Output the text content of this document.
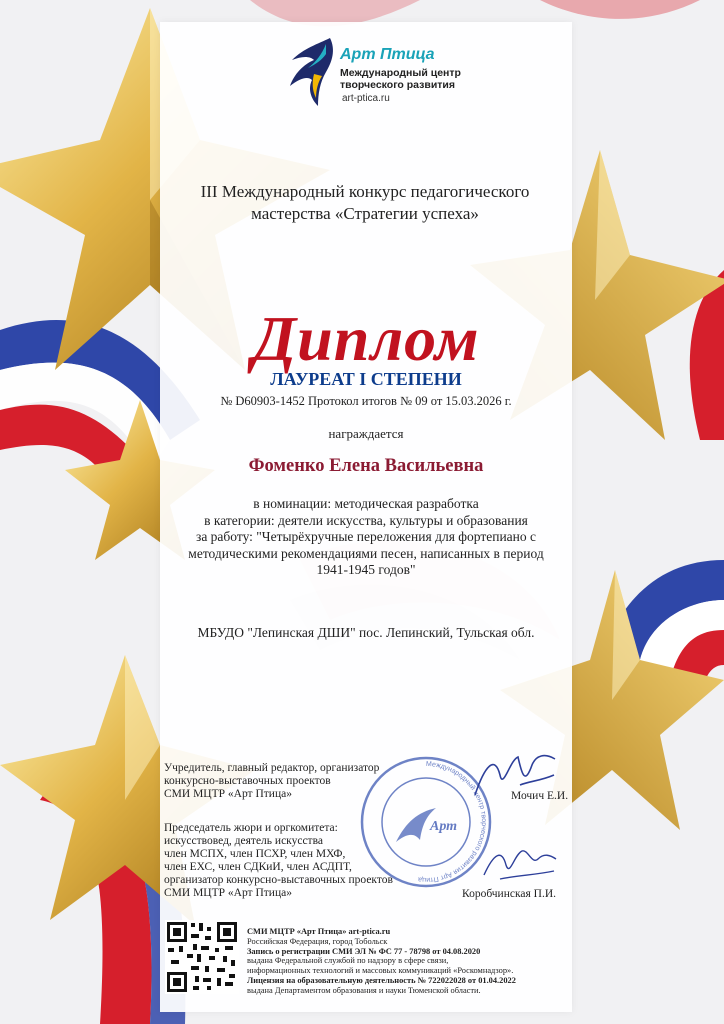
Арт Птица
Международный центр
творческого развития
art-ptica.ru
III Международный конкурс педагогического
мастерства «Стратегии успеха»
Диплом
ЛАУРЕАТ I СТЕПЕНИ
№ D60903-1452 Протокол итогов № 09 от 15.03.2026 г.
награждается
Фоменко Елена Васильевна
в номинации: методическая разработка
в категории: деятели искусства, культуры и образования
за работу: "Четырёхручные переложения для фортепиано с
методическими рекомендациями песен, написанных в период
1941-1945 годов"
МБУДО "Лепинская ДШИ" пос. Лепинский, Тульская обл.
Арт
Международный центр творческого развития Арт Птица
Учредитель, главный редактор, организатор
конкурсно-выставочных проектов
СМИ МЦТР «Арт Птица»	Мочич Е.И.
Председатель жюри и оргкомитета:
искусствовед, деятель искусства
член МСПХ, член ПСХР, член МХФ,
член ЕХС, член СДКиИ, член АСДПТ,
организатор конкурсно-выставочных проектов
СМИ МЦТР «Арт Птица»	Коробчинская П.И.
СМИ МЦТР «Арт Птица» art-ptica.ru
Российская Федерация, город Тобольск
Запись о регистрации СМИ ЭЛ № ФС 77 - 78798 от 04.08.2020
выдана Федеральной службой по надзору в сфере связи,
информационных технологий и массовых коммуникаций «Роскомнадзор».
Лицензия на образовательную деятельность № 722022028 от 01.04.2022
выдана Департаментом образования и науки Тюменской области.
